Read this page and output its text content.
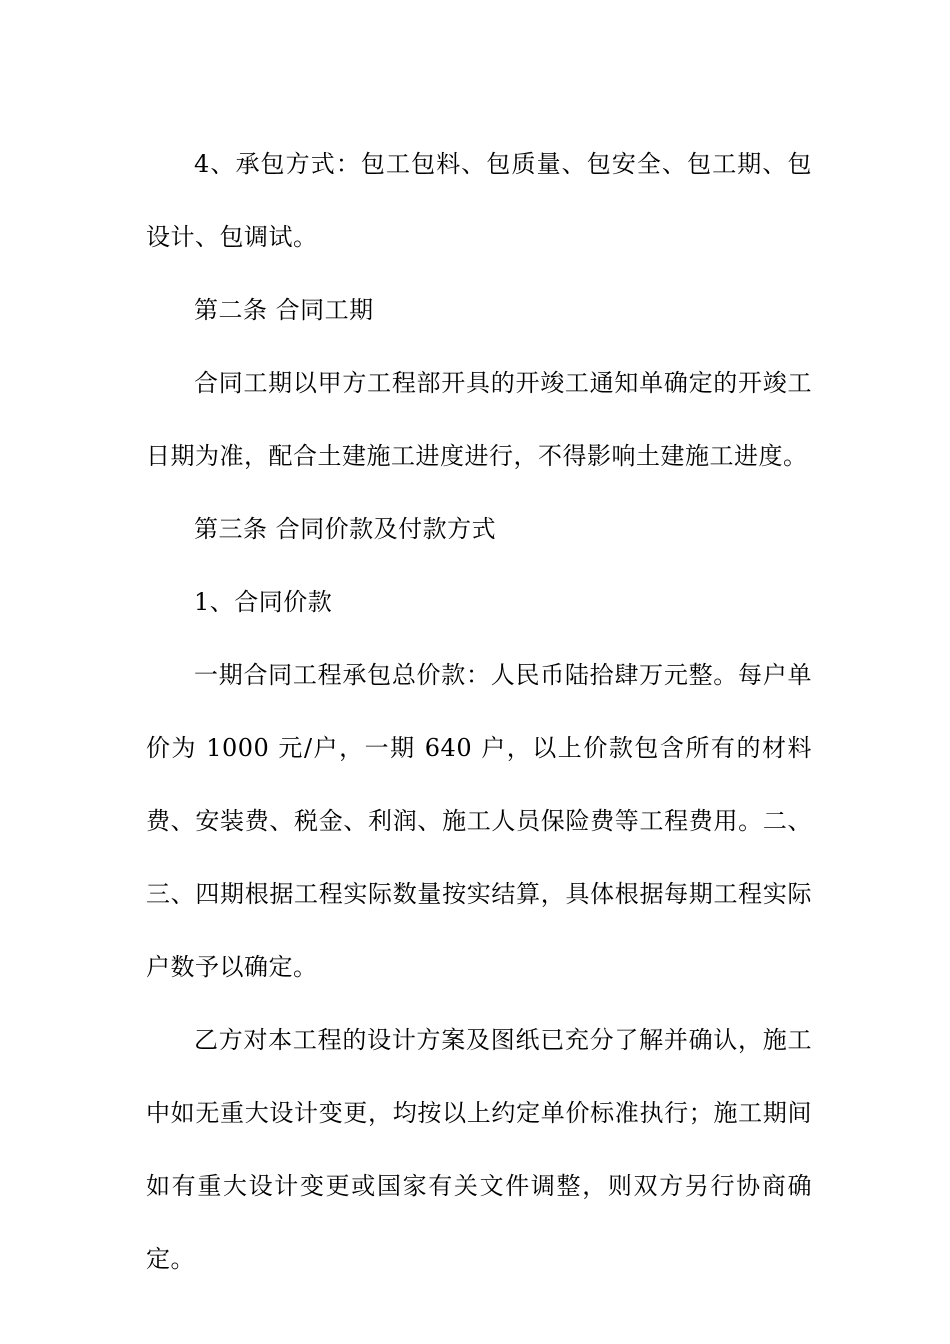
4、承包方式：包工包料、包质量、包安全、包工期、包设计、包调试。

第二条 合同工期

合同工期以甲方工程部开具的开竣工通知单确定的开竣工日期为准，配合土建施工进度进行，不得影响土建施工进度。

第三条 合同价款及付款方式

1、合同价款

一期合同工程承包总价款：人民币陆拾肆万元整。每户单价为 1000 元/户，一期 640 户，以上价款包含所有的材料费、安装费、税金、利润、施工人员保险费等工程费用。二、三、四期根据工程实际数量按实结算，具体根据每期工程实际户数予以确定。

乙方对本工程的设计方案及图纸已充分了解并确认，施工中如无重大设计变更，均按以上约定单价标准执行；施工期间如有重大设计变更或国家有关文件调整，则双方另行协商确定。
